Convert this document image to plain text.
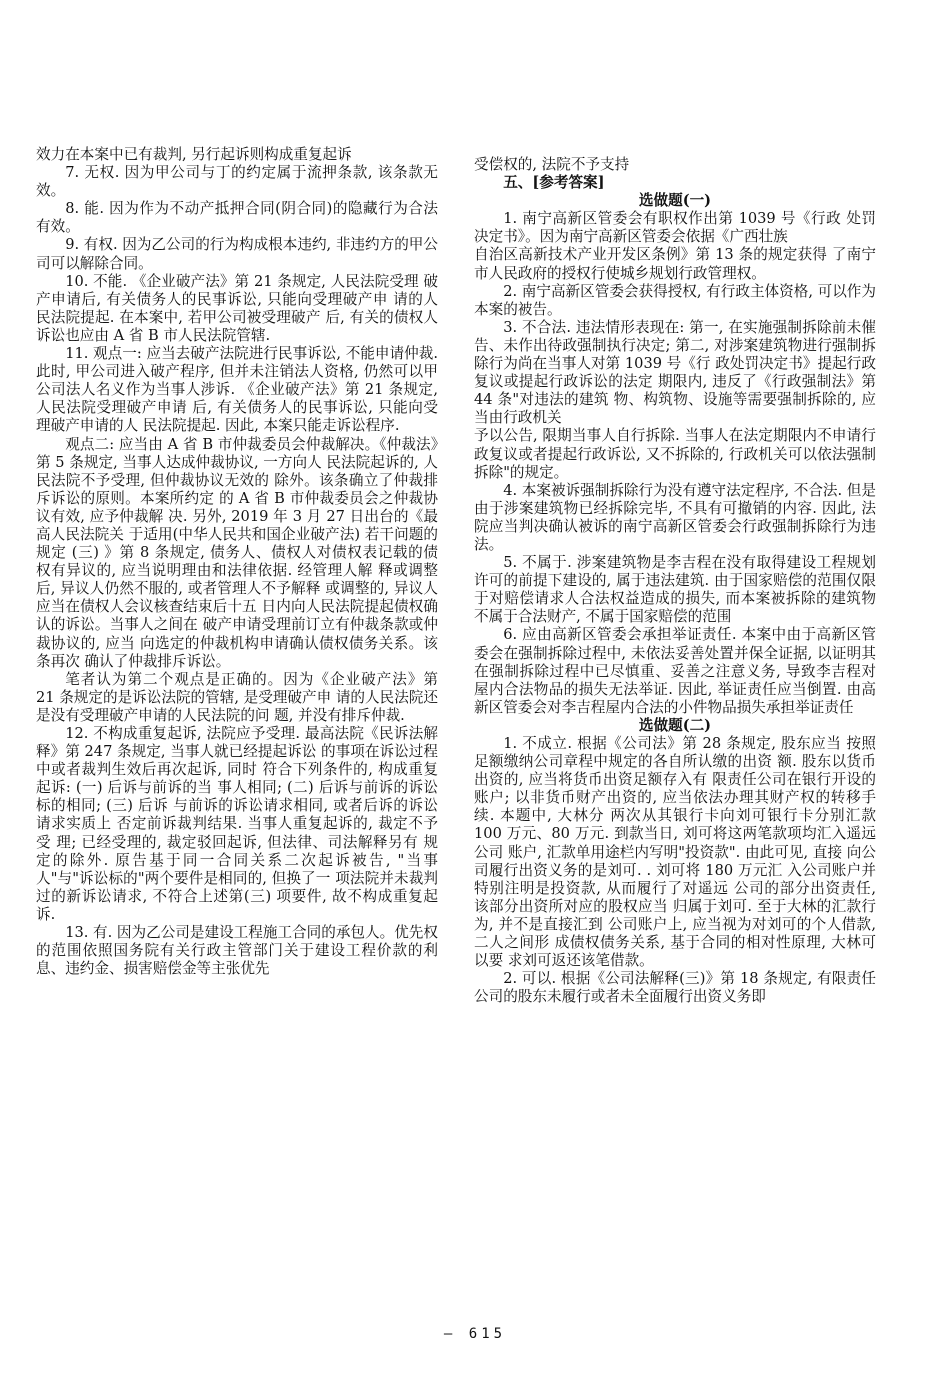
效力在本案中已有裁判, 另行起诉则构成重复起诉

7. 无权. 因为甲公司与丁的约定属于流押条款, 该条款无效。

8. 能. 因为作为不动产抵押合同(阴合同)的隐藏行为合法有效。

9. 有权. 因为乙公司的行为构成根本违约, 非违约方的甲公司可以解除合同。

10. 不能. 《企业破产法》第 21 条规定, 人民法院受理 破产申请后, 有关债务人的民事诉讼, 只能向受理破产申 请的人民法院提起. 在本案中, 若甲公司被受理破产 后, 有关的债权人诉讼也应由 A 省 B 市人民法院管辖.

11. 观点一: 应当去破产法院进行民事诉讼, 不能申请仲裁. 此时, 甲公司进入破产程序, 但并未注销法人资格, 仍然可以甲公司法人名义作为当事人涉诉. 《企业破产法》第 21 条规定, 人民法院受理破产申请 后, 有关债务人的民事诉讼, 只能向受理破产申请的人 民法院提起. 因此, 本案只能走诉讼程序.

观点二: 应当由 A 省 B 市仲裁委员会仲裁解决。《仲裁法》第 5 条规定, 当事人达成仲裁协议, 一方向人 民法院起诉的, 人民法院不予受理, 但仲裁协议无效的 除外。该条确立了仲裁排斥诉讼的原则。本案所约定 的 A 省 B 市仲裁委员会之仲裁协议有效, 应予仲裁解 决. 另外, 2019 年 3 月 27 日出台的《最高人民法院关 于适用(中华人民共和国企业破产法) 若干问题的规定 (三) 》第 8 条规定, 债务人、债权人对债权表记载的债 权有异议的, 应当说明理由和法律依据. 经管理人解 释或调整后, 异议人仍然不服的, 或者管理人不予解释 或调整的, 异议人应当在债权人会议核查结束后十五 日内向人民法院提起债权确认的诉讼。当事人之间在 破产申请受理前订立有仲裁条款或仲裁协议的, 应当 向选定的仲裁机构申请确认债权债务关系。该条再次 确认了仲裁排斥诉讼。

笔者认为第二个观点是正确的。因为《企业破产法》第 21 条规定的是诉讼法院的管辖, 是受理破产申 请的人民法院还是没有受理破产申请的人民法院的问 题, 并没有排斥仲裁.

12. 不构成重复起诉, 法院应予受理. 最高法院《民诉法解释》第 247 条规定, 当事人就已经提起诉讼 的事项在诉讼过程中或者裁判生效后再次起诉, 同时 符合下列条件的, 构成重复起诉: (一) 后诉与前诉的当 事人相同; (二) 后诉与前诉的诉讼标的相同; (三) 后诉 与前诉的诉讼请求相同, 或者后诉的诉讼请求实质上 否定前诉裁判结果. 当事人重复起诉的, 裁定不予受 理; 已经受理的, 裁定驳回起诉, 但法律、司法解释另有 规定的除外. 原告基于同一合同关系二次起诉被告, "当事人"与"诉讼标的"两个要件是相同的, 但换了一 项法院并未裁判过的新诉讼请求, 不符合上述第(三) 项要件, 故不构成重复起诉.

13. 有. 因为乙公司是建设工程施工合同的承包人。优先权的范围依照国务院有关行政主管部门关于建设工程价款的利息、违约金、损害赔偿金等主张优先

受偿权的, 法院不予支持

五、[参考答案]

选做题(一)

1. 南宁高新区管委会有职权作出第 1039 号《行政 处罚决定书》。因为南宁高新区管委会依据《广西壮族

自治区高新技术产业开发区条例》第 13 条的规定获得 了南宁市人民政府的授权行使城乡规划行政管理权。

2. 南宁高新区管委会获得授权, 有行政主体资格, 可以作为本案的被告。

3. 不合法. 违法情形表现在: 第一, 在实施强制拆除前未催告、未作出待政强制执行决定; 第二, 对涉案建筑物进行强制拆除行为尚在当事人对第 1039 号《行 政处罚决定书》提起行政复议或提起行政诉讼的法定 期限内, 违反了《行政强制法》第 44 条"对违法的建筑 物、构筑物、设施等需要强制拆除的, 应当由行政机关

予以公告, 限期当事人自行拆除. 当事人在法定期限内不申请行政复议或者提起行政诉讼, 又不拆除的, 行政机关可以依法强制拆除"的规定。

4. 本案被诉强制拆除行为没有遵守法定程序, 不合法. 但是由于涉案建筑物已经拆除完毕, 不具有可撤销的内容. 因此, 法院应当判决确认被诉的南宁高新区管委会行政强制拆除行为违法。

5. 不属于. 涉案建筑物是李吉程在没有取得建设工程规划许可的前提下建设的, 属于违法建筑. 由于国家赔偿的范围仅限于对赔偿请求人合法权益造成的损失, 而本案被拆除的建筑物不属于合法财产, 不属于国家赔偿的范围

6. 应由高新区管委会承担举证责任. 本案中由于高新区管委会在强制拆除过程中, 未依法妥善处置并保全证据, 以证明其在强制拆除过程中已尽慎重、妥善之注意义务, 导致李吉程对屋内合法物品的损失无法举证. 因此, 举证责任应当倒置. 由高新区管委会对李吉程屋内合法的小件物品损失承担举证责任

选做题(二)

1. 不成立. 根据《公司法》第 28 条规定, 股东应当 按照足额缴纳公司章程中规定的各自所认缴的出资 额. 股东以货币出资的, 应当将货币出资足额存入有 限责任公司在银行开设的账户; 以非货币财产出资的, 应当依法办理其财产权的转移手续. 本题中, 大林分 两次从其银行卡向刘可银行卡分别汇款 100 万元、80 万元. 到款当日, 刘可将这两笔款项均汇入遥远公司 账户, 汇款单用途栏内写明"投资款". 由此可见, 直接 向公司履行出资义务的是刘可. . 刘可将 180 万元汇 入公司账户并特别注明是投资款, 从而履行了对遥远 公司的部分出资责任, 该部分出资所对应的股权应当 归属于刘可. 至于大林的汇款行为, 并不是直接汇到 公司账户上, 应当视为对刘可的个人借款, 二人之间形 成债权债务关系, 基于合同的相对性原理, 大林可以要 求刘可返还该笔借款。

2. 可以. 根据《公司法解释(三)》第 18 条规定, 有限责任公司的股东未履行或者未全面履行出资义务即

— 615
